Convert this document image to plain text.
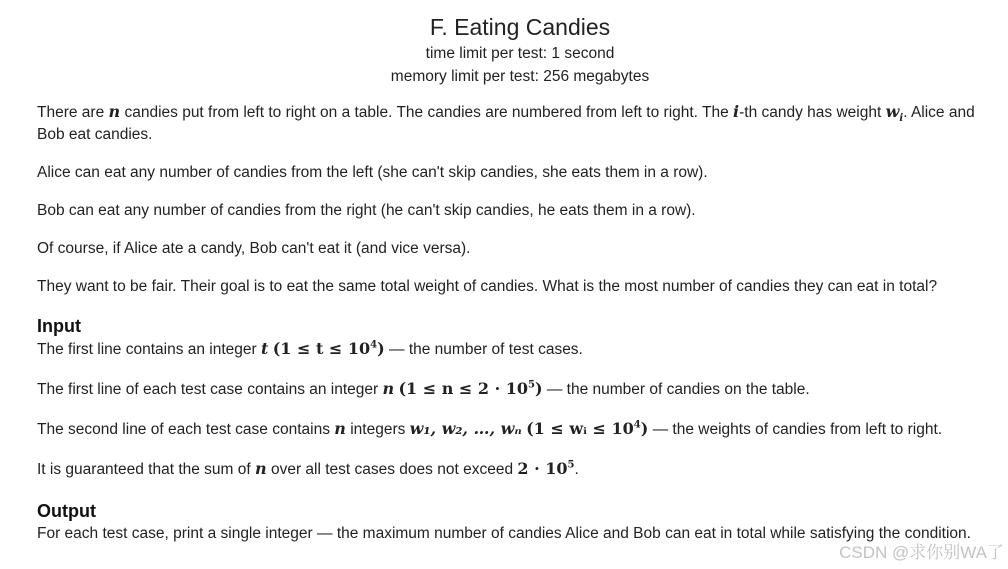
F. Eating Candies
time limit per test: 1 second
memory limit per test: 256 megabytes

There are n candies put from left to right on a table. The candies are numbered from left to right. The i-th candy has weight $w_i$. Alice and Bob eat candies.

Alice can eat any number of candies from the left (she can't skip candies, she eats them in a row).

Bob can eat any number of candies from the right (he can't skip candies, he eats them in a row).

Of course, if Alice ate a candy, Bob can't eat it (and vice versa).

They want to be fair. Their goal is to eat the same total weight of candies. What is the most number of candies they can eat in total?

Input

The first line contains an integer t $(1 \le t \le 10^4)$ — the number of test cases.

The first line of each test case contains an integer n $(1 \le n \le 2 \cdot 10^5)$ — the number of candies on the table.

The second line of each test case contains n integers w₁, w₂, …, wₙ (1 ≤ wᵢ ≤ $10^4$) — the weights of candies from left to right.

It is guaranteed that the sum of n over all test cases does not exceed $2 \cdot 10^5$.

Output

For each test case, print a single integer — the maximum number of candies Alice and Bob can eat in total while satisfying the condition.

CSDN @求你别WA了
